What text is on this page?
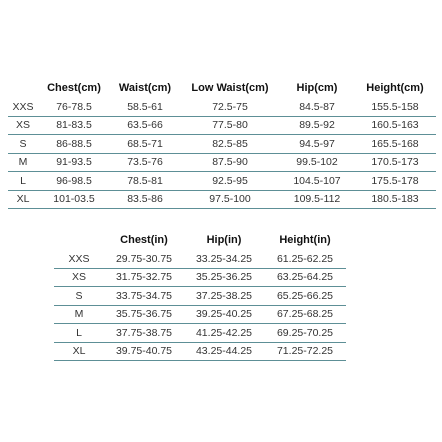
	Chest(cm)	Waist(cm)	Low Waist(cm)	Hip(cm)	Height(cm)
XXS	76-78.5	58.5-61	72.5-75	84.5-87	155.5-158
XS	81-83.5	63.5-66	77.5-80	89.5-92	160.5-163
S	86-88.5	68.5-71	82.5-85	94.5-97	165.5-168
M	91-93.5	73.5-76	87.5-90	99.5-102	170.5-173
L	96-98.5	78.5-81	92.5-95	104.5-107	175.5-178
XL	101-03.5	83.5-86	97.5-100	109.5-112	180.5-183
	Chest(in)	Hip(in)	Height(in)
XXS	29.75-30.75	33.25-34.25	61.25-62.25
XS	31.75-32.75	35.25-36.25	63.25-64.25
S	33.75-34.75	37.25-38.25	65.25-66.25
M	35.75-36.75	39.25-40.25	67.25-68.25
L	37.75-38.75	41.25-42.25	69.25-70.25
XL	39.75-40.75	43.25-44.25	71.25-72.25
